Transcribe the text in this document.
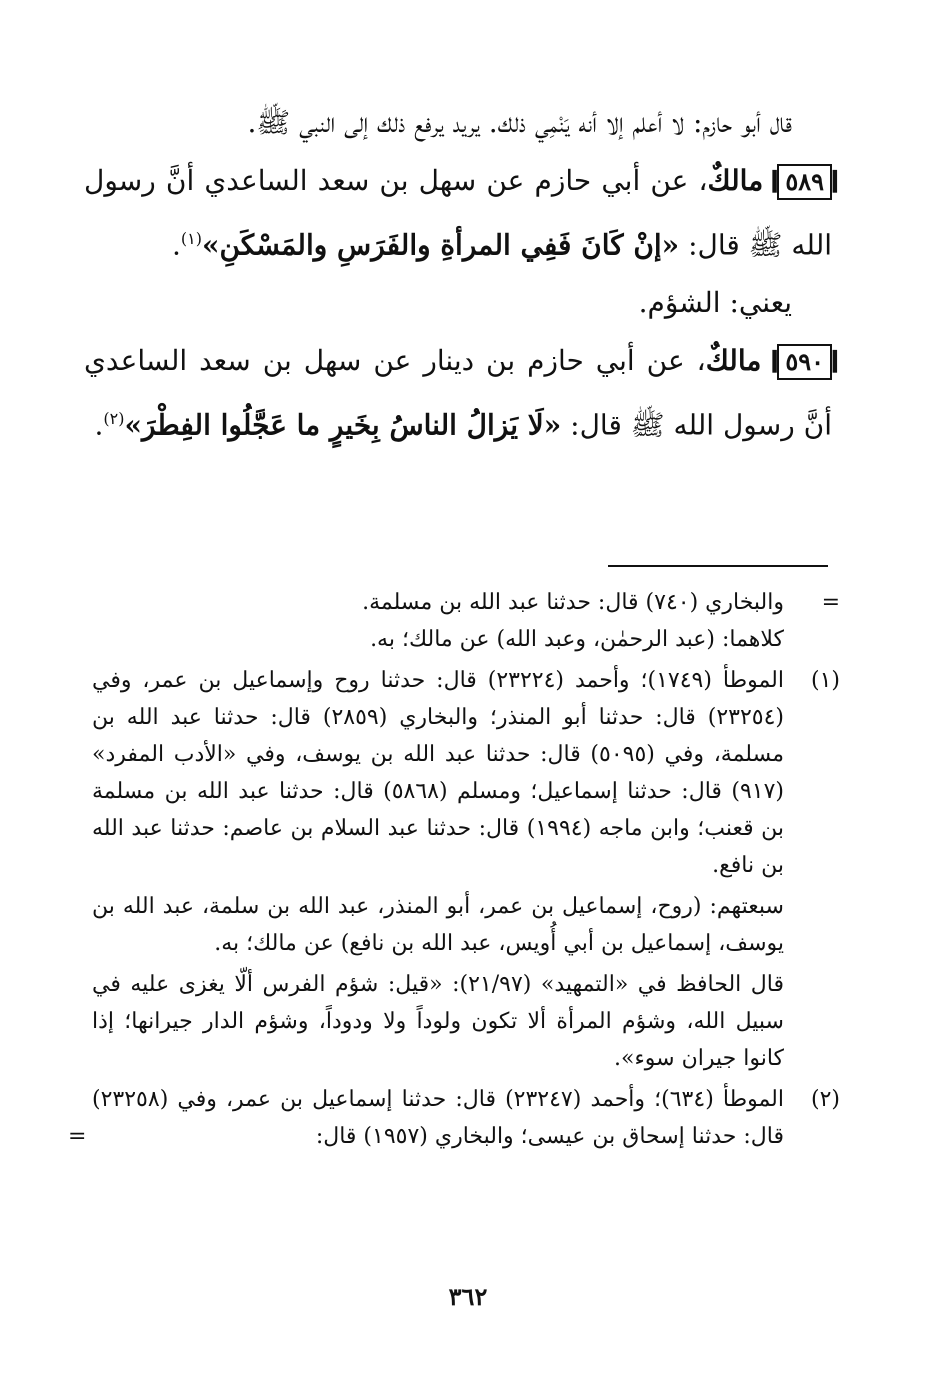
قال أبو حازم: لا أعلم إلا أنه يَنْمِي ذلك. يريد يرفع ذلك إلى النبي ﷺ.

❙ ٥٨٩ ❙ مالكٌ، عن أبي حازم عن سهل بن سعد الساعدي أنَّ رسول الله ﷺ قال: «إنْ كَانَ فَفِي المرأةِ والفَرَسِ والمَسْكَنِ»$^{(١)}$.

يعني: الشؤم.

❙ ٥٩٠ ❙ مالكٌ، عن أبي حازم بن دينار عن سهل بن سعد الساعدي أنَّ رسول الله ﷺ قال: «لَا يَزالُ الناسُ بِخَيرٍ ما عَجَّلُوا الفِطْرَ»$^{(٢)}$.

=
والبخاري (٧٤٠) قال: حدثنا عبد الله بن مسلمة.
كلاهما: (عبد الرحمٰن، وعبد الله) عن مالك؛ به.

(١)
الموطأ (١٧٤٩)؛ وأحمد (٢٣٢٢٤) قال: حدثنا روح وإسماعيل بن عمر، وفي (٢٣٢٥٤) قال: حدثنا أبو المنذر؛ والبخاري (٢٨٥٩) قال: حدثنا عبد الله بن مسلمة، وفي (٥٠٩٥) قال: حدثنا عبد الله بن يوسف، وفي «الأدب المفرد» (٩١٧) قال: حدثنا إسماعيل؛ ومسلم (٥٨٦٨) قال: حدثنا عبد الله بن مسلمة بن قعنب؛ وابن ماجه (١٩٩٤) قال: حدثنا عبد السلام بن عاصم: حدثنا عبد الله بن نافع.

سبعتهم: (روح، إسماعيل بن عمر، أبو المنذر، عبد الله بن سلمة، عبد الله بن يوسف، إسماعيل بن أبي أُويس، عبد الله بن نافع) عن مالك؛ به.

قال الحافظ في «التمهيد» (٢١/٩٧): «قيل: شؤم الفرس ألّا يغزى عليه في سبيل الله، وشؤم المرأة ألا تكون ولوداً ولا ودوداً، وشؤم الدار جيرانها؛ إذا كانوا جيران سوء».

(٢)
الموطأ (٦٣٤)؛ وأحمد (٢٣٢٤٧) قال: حدثنا إسماعيل بن عمر، وفي (٢٣٢٥٨) قال: حدثنا إسحاق بن عيسى؛ والبخاري (١٩٥٧) قال:
=

٣٦٢
